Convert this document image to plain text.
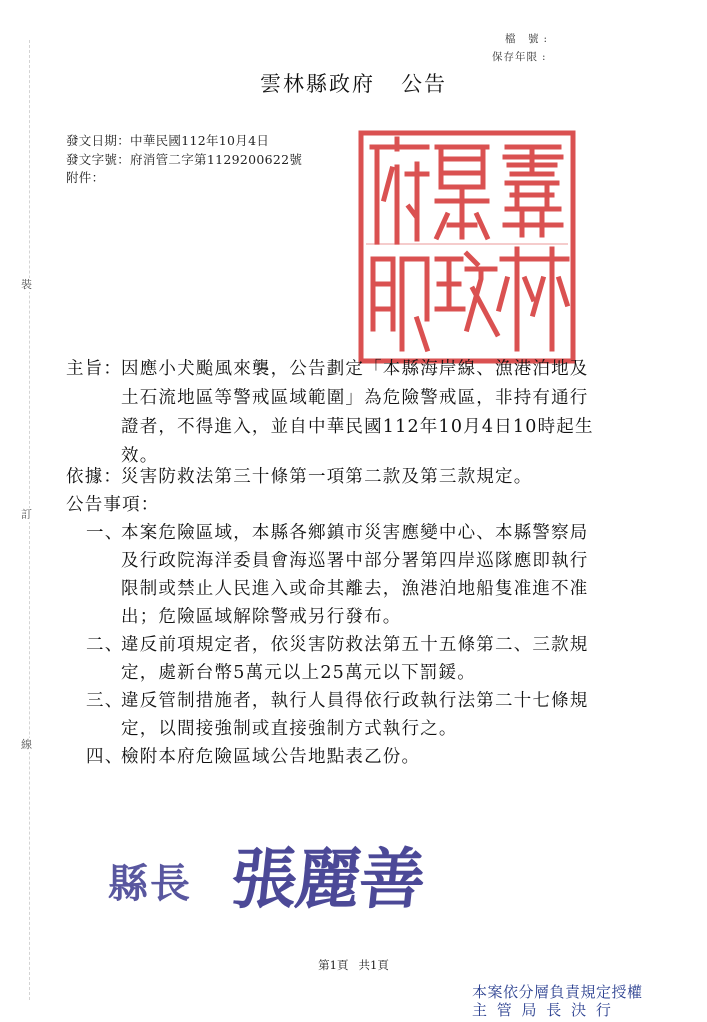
裝
訂
線
檔　號 :
保存年限 :
雲林縣政府 公告
發文日期：中華民國112年10月4日
發文字號：府消管二字第1129200622號
附件：
主旨：
因應小犬颱風來襲，公告劃定「本縣海岸線、漁港泊地及
土石流地區等警戒區域範圍」為危險警戒區，非持有通行
證者，不得進入，並自中華民國112年10月4日10時起生
效。
依據：
災害防救法第三十條第一項第二款及第三款規定。
公告事項：
一、
本案危險區域，本縣各鄉鎮市災害應變中心、本縣警察局
及行政院海洋委員會海巡署中部分署第四岸巡隊應即執行
限制或禁止人民進入或命其離去，漁港泊地船隻准進不准
出；危險區域解除警戒另行發布。
二、
違反前項規定者，依災害防救法第五十五條第二、三款規
定，處新台幣5萬元以上25萬元以下罰鍰。
三、
違反管制措施者，執行人員得依行政執行法第二十七條規
定，以間接強制或直接強制方式執行之。
四、
檢附本府危險區域公告地點表乙份。
縣長 張麗善
第1頁 共1頁
本案依分層負責規定授權
主 管 局 長 決 行
